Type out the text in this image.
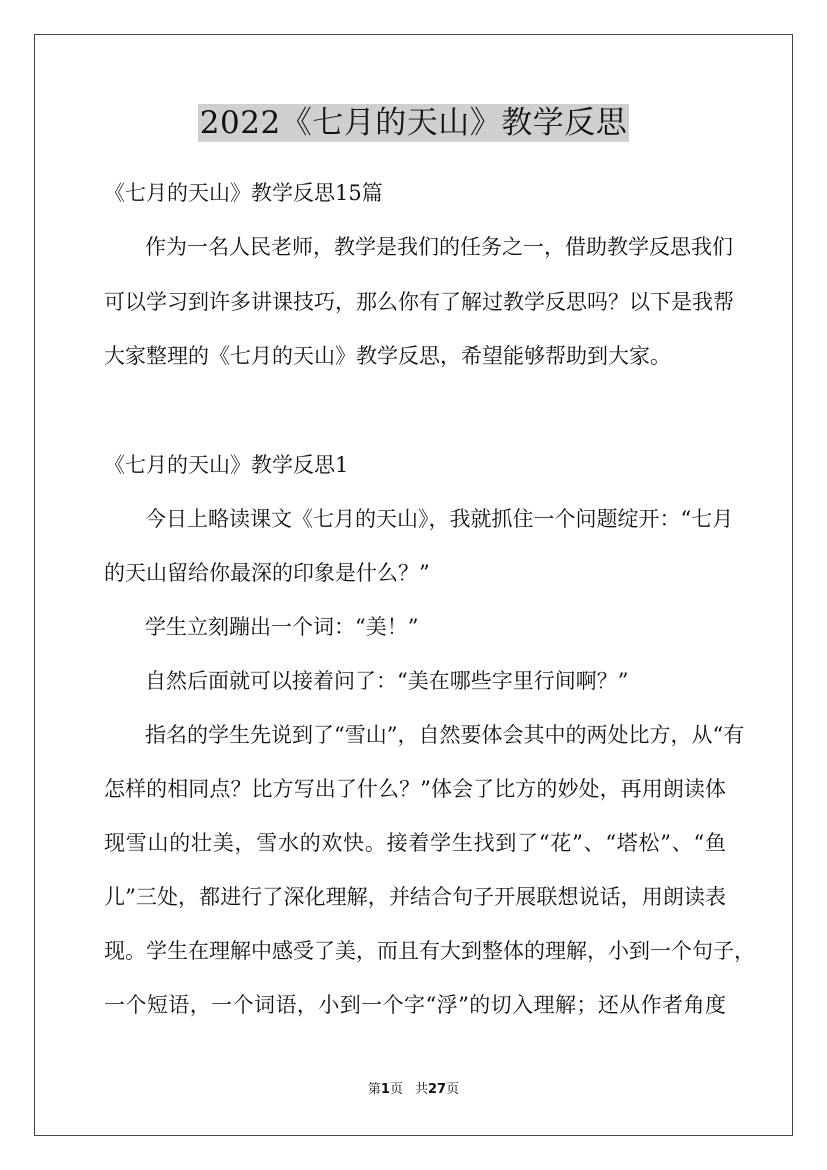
2022《七月的天山》教学反思
《七月的天山》教学反思15篇
作为一名人民老师，教学是我们的任务之一，借助教学反思我们
可以学习到许多讲课技巧，那么你有了解过教学反思吗？以下是我帮
大家整理的《七月的天山》教学反思，希望能够帮助到大家。
《七月的天山》教学反思1
今日上略读课文《七月的天山》，我就抓住一个问题绽开：“七月
的天山留给你最深的印象是什么？”
学生立刻蹦出一个词：“美！”
自然后面就可以接着问了：“美在哪些字里行间啊？”
指名的学生先说到了“雪山”，自然要体会其中的两处比方，从“有
怎样的相同点？比方写出了什么？”体会了比方的妙处，再用朗读体
现雪山的壮美，雪水的欢快。接着学生找到了“花”、“塔松”、“鱼
儿”三处，都进行了深化理解，并结合句子开展联想说话，用朗读表
现。学生在理解中感受了美，而且有大到整体的理解，小到一个句子，
一个短语，一个词语，小到一个字“浮”的切入理解；还从作者角度
第1页 共27页
